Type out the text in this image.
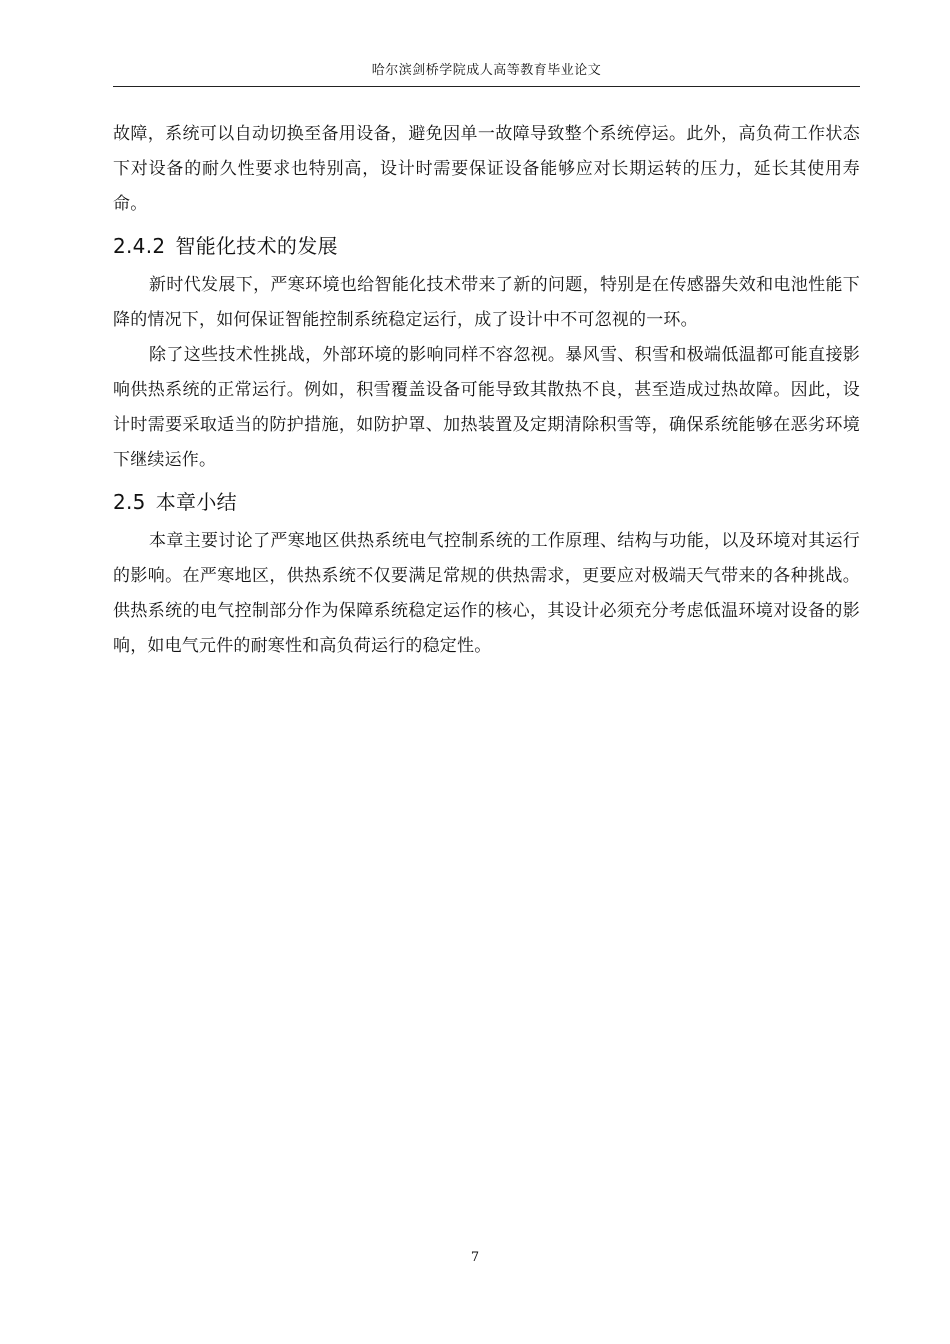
哈尔滨剑桥学院成人高等教育毕业论文

故障，系统可以自动切换至备用设备，避免因单一故障导致整个系统停运。此外，高负荷工作状态下对设备的耐久性要求也特别高，设计时需要保证设备能够应对长期运转的压力，延长其使用寿命。

2.4.2 智能化技术的发展

新时代发展下，严寒环境也给智能化技术带来了新的问题，特别是在传感器失效和电池性能下降的情况下，如何保证智能控制系统稳定运行，成了设计中不可忽视的一环。

除了这些技术性挑战，外部环境的影响同样不容忽视。暴风雪、积雪和极端低温都可能直接影响供热系统的正常运行。例如，积雪覆盖设备可能导致其散热不良，甚至造成过热故障。因此，设计时需要采取适当的防护措施，如防护罩、加热装置及定期清除积雪等，确保系统能够在恶劣环境下继续运作。

2.5 本章小结

本章主要讨论了严寒地区供热系统电气控制系统的工作原理、结构与功能，以及环境对其运行的影响。在严寒地区，供热系统不仅要满足常规的供热需求，更要应对极端天气带来的各种挑战。供热系统的电气控制部分作为保障系统稳定运作的核心，其设计必须充分考虑低温环境对设备的影响，如电气元件的耐寒性和高负荷运行的稳定性。

7
